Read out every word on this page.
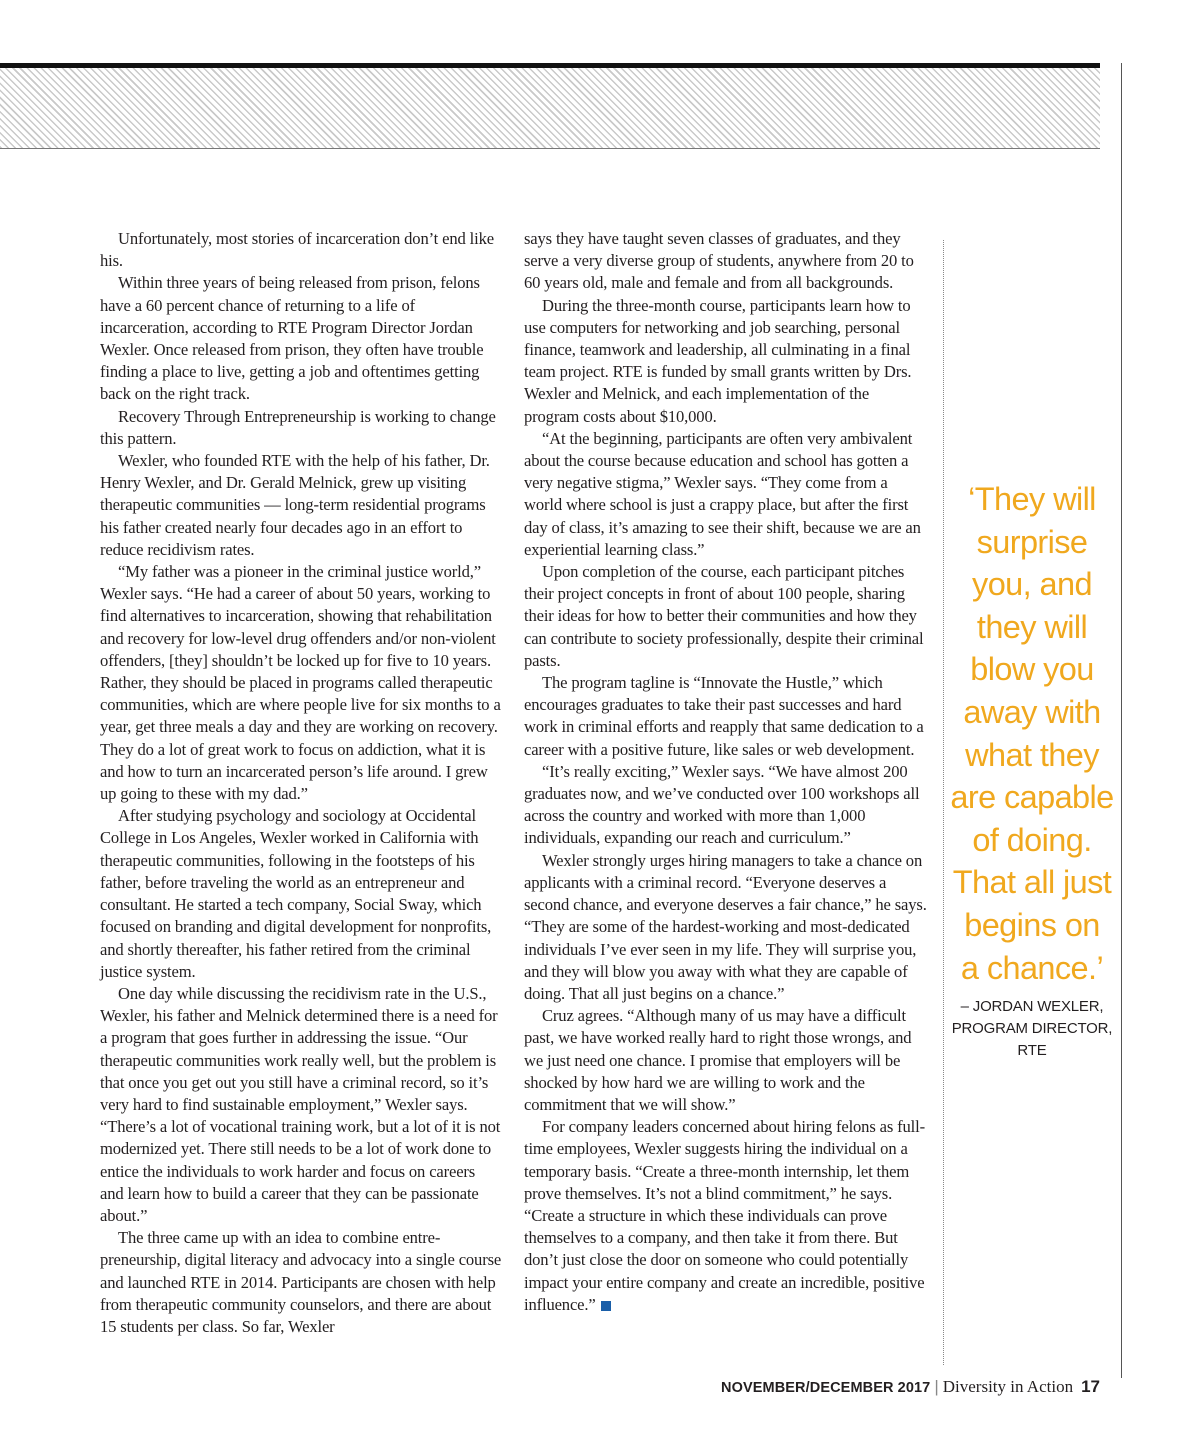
Unfortunately, most stories of incarceration don’t end like his.

Within three years of being released from prison, felons have a 60 percent chance of returning to a life of incarceration, according to RTE Program Director Jordan Wexler. Once released from prison, they often have trouble finding a place to live, getting a job and oftentimes getting back on the right track.

Recovery Through Entrepreneurship is working to change this pattern.

Wexler, who founded RTE with the help of his father, Dr. Henry Wexler, and Dr. Gerald Melnick, grew up visiting therapeutic communities — long-term residential programs his father created nearly four decades ago in an effort to reduce recidivism rates.

“My father was a pioneer in the criminal justice world,” Wexler says. “He had a career of about 50 years, working to find alternatives to incarceration, showing that rehabilitation and recovery for low-level drug offenders and/or non-violent offenders, [they] shouldn’t be locked up for five to 10 years. Rather, they should be placed in programs called therapeutic communities, which are where people live for six months to a year, get three meals a day and they are working on recovery. They do a lot of great work to focus on addiction, what it is and how to turn an incarcerated person’s life around. I grew up going to these with my dad.”

After studying psychology and sociology at Occidental College in Los Angeles, Wexler worked in California with therapeutic communities, following in the footsteps of his father, before traveling the world as an entrepreneur and consultant. He started a tech company, Social Sway, which focused on branding and digital development for nonprofits, and shortly thereafter, his father retired from the criminal justice system.

One day while discussing the recidivism rate in the U.S., Wexler, his father and Melnick determined there is a need for a program that goes further in addressing the issue. “Our therapeutic communities work really well, but the problem is that once you get out you still have a criminal record, so it’s very hard to find sustainable employment,” Wexler says. “There’s a lot of vocational training work, but a lot of it is not modernized yet. There still needs to be a lot of work done to entice the individuals to work harder and focus on careers and learn how to build a career that they can be passionate about.”

The three came up with an idea to combine entrepreneurship, digital literacy and advocacy into a single course and launched RTE in 2014. Participants are chosen with help from therapeutic community counselors, and there are about 15 students per class. So far, Wexler

says they have taught seven classes of graduates, and they serve a very diverse group of students, anywhere from 20 to 60 years old, male and female and from all backgrounds.

During the three-month course, participants learn how to use computers for networking and job searching, personal finance, teamwork and leadership, all culminating in a final team project. RTE is funded by small grants written by Drs. Wexler and Melnick, and each implementation of the program costs about $10,000.

“At the beginning, participants are often very ambivalent about the course because education and school has gotten a very negative stigma,” Wexler says. “They come from a world where school is just a crappy place, but after the first day of class, it’s amazing to see their shift, because we are an experiential learning class.”

Upon completion of the course, each participant pitches their project concepts in front of about 100 people, sharing their ideas for how to better their communities and how they can contribute to society professionally, despite their criminal pasts.

The program tagline is “Innovate the Hustle,” which encourages graduates to take their past successes and hard work in criminal efforts and reapply that same dedication to a career with a positive future, like sales or web development.

“It’s really exciting,” Wexler says. “We have almost 200 graduates now, and we’ve conducted over 100 workshops all across the country and worked with more than 1,000 individuals, expanding our reach and curriculum.”

Wexler strongly urges hiring managers to take a chance on applicants with a criminal record. “Everyone deserves a second chance, and everyone deserves a fair chance,” he says. “They are some of the hardest-working and most-dedicated individuals I’ve ever seen in my life. They will surprise you, and they will blow you away with what they are capable of doing. That all just begins on a chance.”

Cruz agrees. “Although many of us may have a difficult past, we have worked really hard to right those wrongs, and we just need one chance. I promise that employers will be shocked by how hard we are willing to work and the commitment that we will show.”

For company leaders concerned about hiring felons as full-time employees, Wexler suggests hiring the individual on a temporary basis. “Create a three-month internship, let them prove themselves. It’s not a blind commitment,” he says. “Create a structure in which these individuals can prove themselves to a company, and then take it from there. But don’t just close the door on someone who could potentially impact your entire company and create an incredible, positive influence.”

‘They will
surprise
you, and
they will
blow you
away with
what they
are capable
of doing.
That all just
begins on
a chance.’
– JORDAN WEXLER,
PROGRAM DIRECTOR,
RTE
NOVEMBER/DECEMBER 2017 | Diversity in Action 17
